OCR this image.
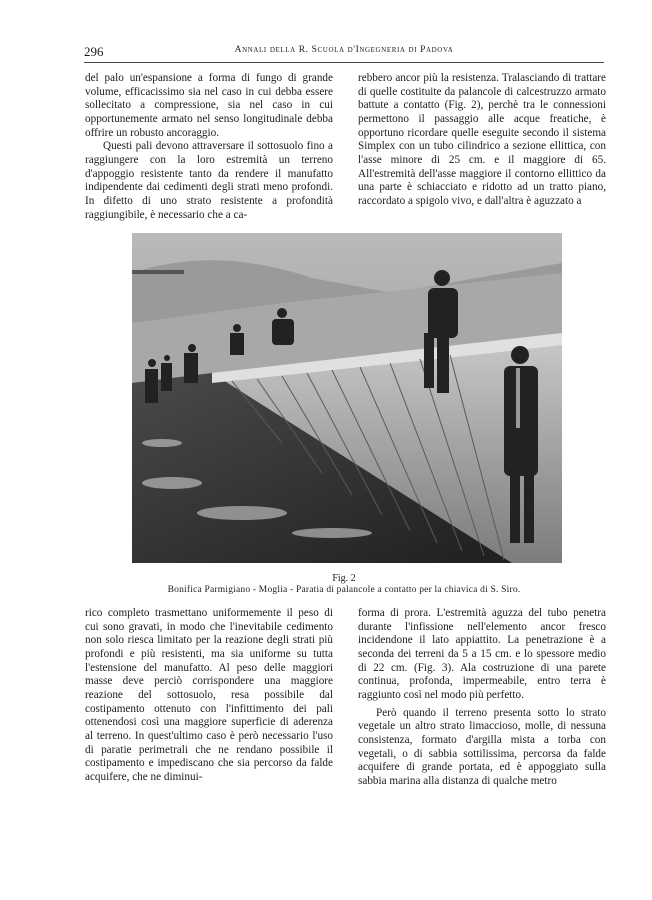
296	Annali della R. Scuola d'Ingegneria di Padova

del palo un'espansione a forma di fungo di grande volume, efficacissimo sia nel caso in cui debba essere sollecitato a compressione, sia nel caso in cui opportunemente armato nel senso longitudinale debba offrire un robusto ancoraggio.

Questi pali devono attraversare il sottosuolo fino a raggiungere con la loro estremità un terreno d'appoggio resistente tanto da rendere il manufatto indipendente dai cedimenti degli strati meno profondi. In difetto di uno strato resistente a profondità raggiungibile, è necessario che a ca-

rebbero ancor più la resistenza. Tralasciando di trattare di quelle costituite da palancole di calcestruzzo armato battute a contatto (Fig. 2), perchè tra le connessioni permettono il passaggio alle acque freatiche, è opportuno ricordare quelle eseguite secondo il sistema Simplex con un tubo cilindrico a sezione ellittica, con l'asse minore di 25 cm. e il maggiore di 65. All'estremità dell'asse maggiore il contorno ellittico da una parte è schiacciato e ridotto ad un tratto piano, raccordato a spigolo vivo, e dall'altra è aguzzato a

Fig. 2
Bonifica Parmigiano - Moglia - Paratia di palancole a contatto per la chiavica di S. Siro.

rico completo trasmettano uniformemente il peso di cui sono gravati, in modo che l'inevitabile cedimento non solo riesca limitato per la reazione degli strati più profondi e più resistenti, ma sia uniforme su tutta l'estensione del manufatto. Al peso delle maggiori masse deve perciò corrispondere una maggiore reazione del sottosuolo, resa possibile dal costipamento ottenuto con l'infittimento dei pali ottenendosi così una maggiore superficie di aderenza al terreno. In quest'ultimo caso è però necessario l'uso di paratie perimetrali che ne rendano possibile il costipamento e impediscano che sia percorso da falde acquifere, che ne diminui-

forma di prora. L'estremità aguzza del tubo penetra durante l'infissione nell'elemento ancor fresco incidendone il lato appiattito. La penetrazione è a seconda dei terreni da 5 a 15 cm. e lo spessore medio di 22 cm. (Fig. 3). Ala costruzione di una parete continua, profonda, impermeabile, entro terra è raggiunto così nel modo più perfetto.

Però quando il terreno presenta sotto lo strato vegetale un altro strato limaccioso, molle, di nessuna consistenza, formato d'argilla mista a torba con vegetali, o di sabbia sottilissima, percorsa da falde acquifere di grande portata, ed è appoggiato sulla sabbia marina alla distanza di qualche metro
